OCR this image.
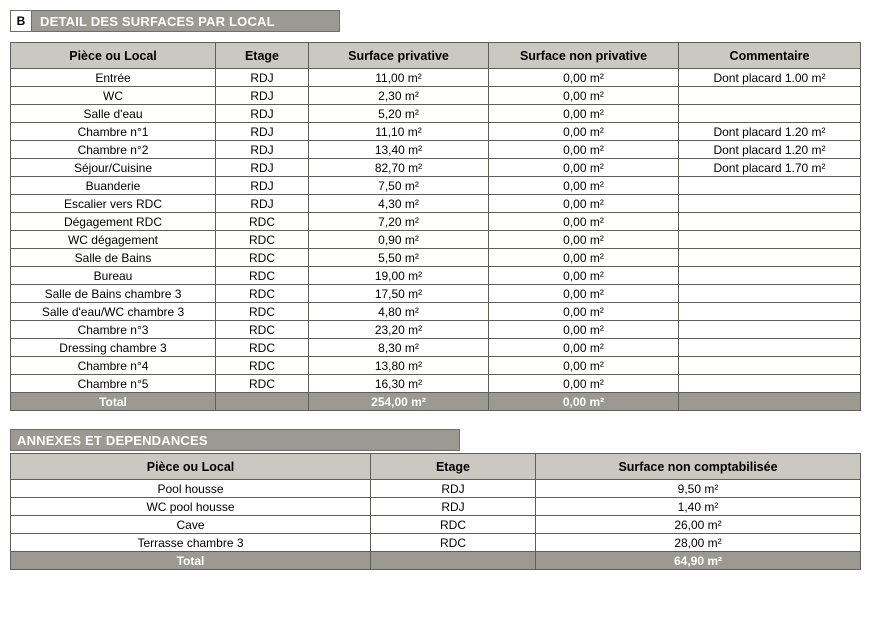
B	DETAIL DES SURFACES PAR LOCAL
Pièce ou Local	Etage	Surface privative	Surface non privative	Commentaire
Entrée	RDJ	11,00 m²	0,00 m²	Dont placard 1.00 m²
WC	RDJ	2,30 m²	0,00 m²	
Salle d'eau	RDJ	5,20 m²	0,00 m²	
Chambre n°1	RDJ	11,10 m²	0,00 m²	Dont placard 1.20 m²
Chambre n°2	RDJ	13,40 m²	0,00 m²	Dont placard 1.20 m²
Séjour/Cuisine	RDJ	82,70 m²	0,00 m²	Dont placard 1.70 m²
Buanderie	RDJ	7,50 m²	0,00 m²	
Escalier vers RDC	RDJ	4,30 m²	0,00 m²	
Dégagement RDC	RDC	7,20 m²	0,00 m²	
WC dégagement	RDC	0,90 m²	0,00 m²	
Salle de Bains	RDC	5,50 m²	0,00 m²	
Bureau	RDC	19,00 m²	0,00 m²	
Salle de Bains chambre 3	RDC	17,50 m²	0,00 m²	
Salle d'eau/WC chambre 3	RDC	4,80 m²	0,00 m²	
Chambre n°3	RDC	23,20 m²	0,00 m²	
Dressing chambre 3	RDC	8,30 m²	0,00 m²	
Chambre n°4	RDC	13,80 m²	0,00 m²	
Chambre n°5	RDC	16,30 m²	0,00 m²	
Total		254,00 m²	0,00 m²	
ANNEXES ET DEPENDANCES
Pièce ou Local	Etage	Surface non comptabilisée
Pool housse	RDJ	9,50 m²
WC pool housse	RDJ	1,40 m²
Cave	RDC	26,00 m²
Terrasse chambre 3	RDC	28,00 m²
Total		64,90 m²
